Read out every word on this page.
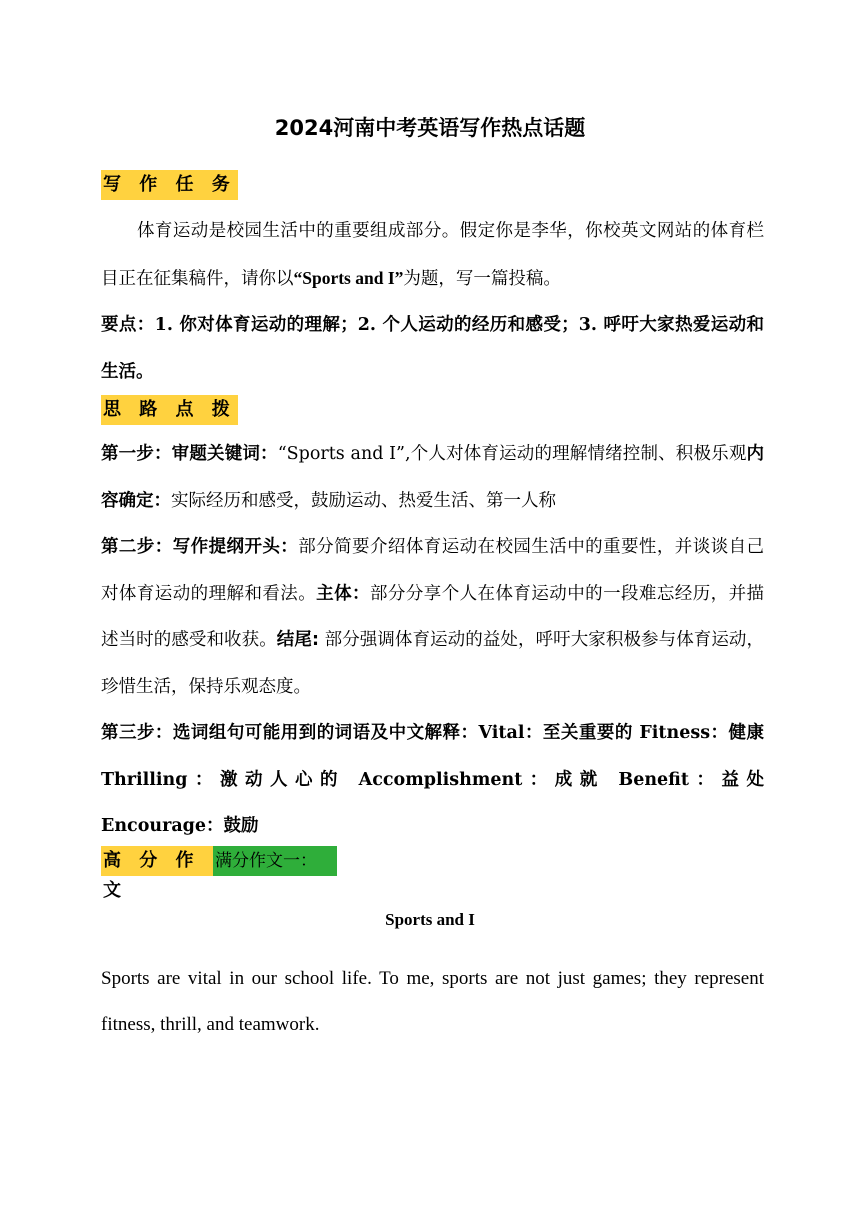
2024河南中考英语写作热点话题
写 作 任 务

体育运动是校园生活中的重要组成部分。假定你是李华，你校英文网站的体育栏目正在征集稿件，请你以“Sports and I”为题，写一篇投稿。

要点：1. 你对体育运动的理解；2. 个人运动的经历和感受；3. 呼吁大家热爱运动和生活。

思 路 点 拨

第一步：审题关键词：“Sports and I”,个人对体育运动的理解情绪控制、积极乐观内容确定：实际经历和感受，鼓励运动、热爱生活、第一人称

第二步：写作提纲开头：部分简要介绍体育运动在校园生活中的重要性，并谈谈自己对体育运动的理解和看法。主体：部分分享个人在体育运动中的一段难忘经历，并描述当时的感受和收获。结尾: 部分强调体育运动的益处，呼吁大家积极参与体育运动，珍惜生活，保持乐观态度。

第三步：选词组句可能用到的词语及中文解释：Vital：至关重要的 Fitness：健康 Thrilling：激动人心的 Accomplishment：成就 Benefit：益处 Encourage：鼓励

高 分 作 文
满分作文一：
Sports and I

Sports are vital in our school life. To me, sports are not just games; they represent fitness, thrill, and teamwork.
